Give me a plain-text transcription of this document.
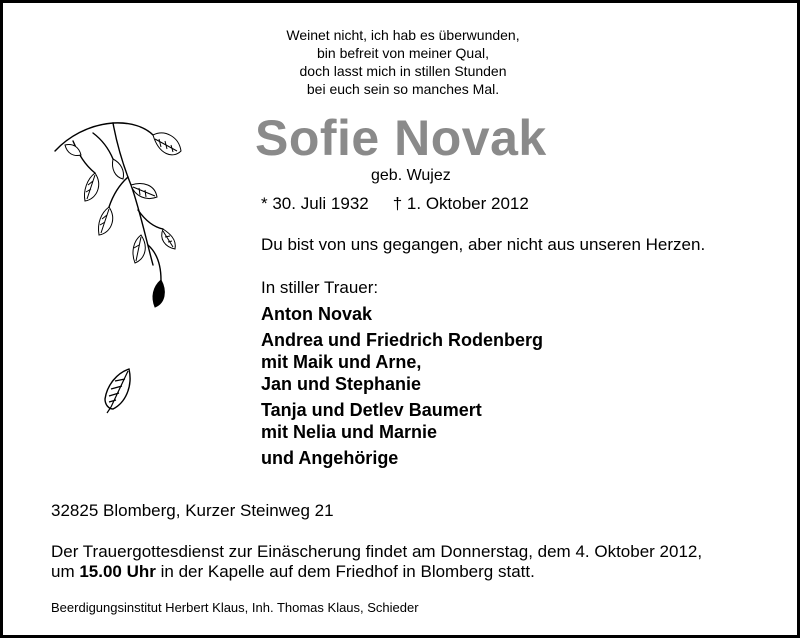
Weinet nicht, ich hab es überwunden,
bin befreit von meiner Qual,
doch lasst mich in stillen Stunden
bei euch sein so manches Mal.
Sofie Novak
geb. Wujez
* 30. Juli 1932 † 1. Oktober 2012
Du bist von uns gegangen, aber nicht aus unseren Herzen.
In stiller Trauer:
Anton Novak
Andrea und Friedrich Rodenberg
mit Maik und Arne,
Jan und Stephanie
Tanja und Detlev Baumert
mit Nelia und Marnie
und Angehörige
32825 Blomberg, Kurzer Steinweg 21
Der Trauergottesdienst zur Einäscherung findet am Donnerstag, dem 4. Oktober 2012,
um 15.00 Uhr in der Kapelle auf dem Friedhof in Blomberg statt.
Beerdigungsinstitut Herbert Klaus, Inh. Thomas Klaus, Schieder
